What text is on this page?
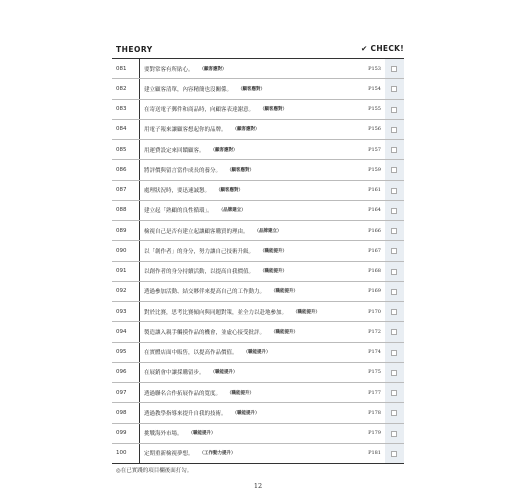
THEORY	✔ CHECK!
081	要對常客有所貼心。 （顧客應對）	P153
082	建立顧客清單，內容精簡也沒關係。 （顧客應對）	P154
083	在寄送電子郵件和商品時，向顧客表達謝意。 （顧客應對）	P155
084	用電子報來讓顧客想起你的品牌。 （顧客應對）	P156
085	用運費設定來回饋顧客。 （顧客應對）	P157
086	將評價與留言當作成長的養分。 （顧客應對）	P159
087	處理狀況時，要迅速誠懇。 （顧客應對）	P161
088	建立起「熟顧的良性循環」。 （品牌建立）	P164
089	檢視自己是否有建立起讓顧客購買的理由。 （品牌建立）	P166
090	以「創作者」的身分，努力讓自己技術升級。 （職能提升）	P167
091	以創作者的身分持續活動，以提高自我價值。 （職能提升）	P168
092	透過參加活動、結交夥伴來提高自己的工作動力。 （職能提升）	P169
093	對於比賽，思考比賽傾向與同題對策，並全力以赴地參加。 （職能提升）	P170
094	製造讓入親手觸摸作品的機會，並虛心接受批評。 （職能提升）	P172
095	在實體店面中販售，以提高作品價值。 （職能提升）	P174
096	在展銷會中讓採購留步。 （職能提升）	P175
097	透過聯名合作拓展作品的寬度。 （職能提升）	P177
098	透過教學指導來提升自我的技術。 （職能提升）	P178
099	挑戰海外市場。 （職能提升）	P179
100	定期重新檢視夢想。 （工作動力提升）	P181
◎在已實踐的項目欄後面打勾。
12
